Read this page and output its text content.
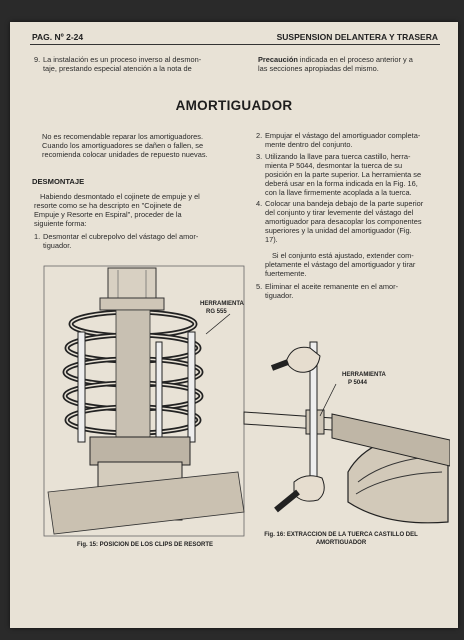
PAG. Nº 2-24	SUSPENSION DELANTERA Y TRASERA
9. La instalación es un proceso inverso al desmon-
taje, prestando especial atención a la nota de
Precaución indicada en el proceso anterior y a
las secciones apropiadas del mismo.
AMORTIGUADOR
No es recomendable reparar los amortiguadores.
Cuando los amortiguadores se dañen o fallen, se
recomienda colocar unidades de repuesto nuevas.
DESMONTAJE
Habiendo desmontado el cojinete de empuje y el
resorte como se ha descripto en "Cojinete de
Empuje y Resorte en Espiral", proceder de la
siguiente forma:
1. Desmontar el cubrepolvo del vástago del amor-
tiguador.
2. Empujar el vástago del amortiguador completa-
mente dentro del conjunto.
3. Utilizando la llave para tuerca castillo, herra-
mienta P 5044, desmontar la tuerca de su
posición en la parte superior. La herramienta se
deberá usar en la forma indicada en la Fig. 16,
con la llave firmemente acoplada a la tuerca.
4. Colocar una bandeja debajo de la parte superior
del conjunto y tirar levemente del vástago del
amortiguador para desacoplar los componentes
superiores y la unidad del amortiguador (Fig.
17).
Si el conjunto está ajustado, extender com-
pletamente el vástago del amortiguador y tirar
fuertemente.
5. Eliminar el aceite remanente en el amor-
tiguador.
HERRAMIENTA
RG 555
Fig. 15: POSICION DE LOS CLIPS DE RESORTE
HERRAMIENTA
P 5044
Fig. 16: EXTRACCION DE LA TUERCA CASTILLO DEL
AMORTIGUADOR
